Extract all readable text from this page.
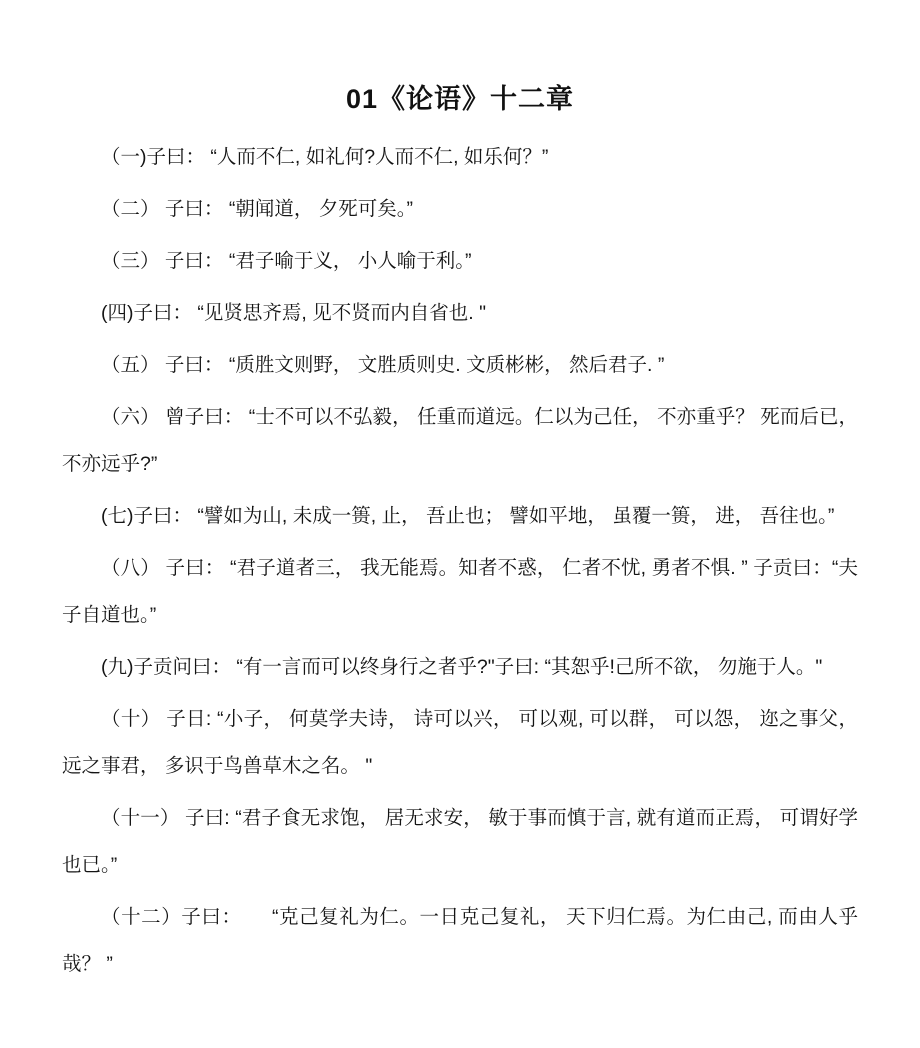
01《论语》十二章

（一)子曰： “人而不仁, 如礼何?人而不仁, 如乐何？”

（二） 子曰： “朝闻道， 夕死可矣。”

（三） 子曰： “君子喻于义， 小人喻于利。”

(四)子曰： “见贤思齐焉, 见不贤而内自省也. "

（五） 子曰： “质胜文则野， 文胜质则史. 文质彬彬， 然后君子. ”

（六） 曾子曰： “士不可以不弘毅， 任重而道远。仁以为己任， 不亦重乎？ 死而后已， 不亦远乎?”

(七)子曰： “譬如为山, 未成一篑, 止， 吾止也； 譬如平地， 虽覆一篑， 进， 吾往也。”

（八） 子曰： “君子道者三， 我无能焉。知者不惑， 仁者不忧, 勇者不惧. ” 子贡曰：“夫子自道也。”

(九)子贡问曰： “有一言而可以终身行之者乎?"子曰: “其恕乎!己所不欲， 勿施于人。"

（十） 子日: “小子， 何莫学夫诗， 诗可以兴， 可以观, 可以群， 可以怨， 迩之事父， 远之事君， 多识于鸟兽草木之名。 "

（十一） 子曰: “君子食无求饱， 居无求安， 敏于事而慎于言, 就有道而正焉， 可谓好学也已。”

（十二）子曰：　　“克己复礼为仁。一日克己复礼， 天下归仁焉。为仁由己, 而由人乎哉？ ”
